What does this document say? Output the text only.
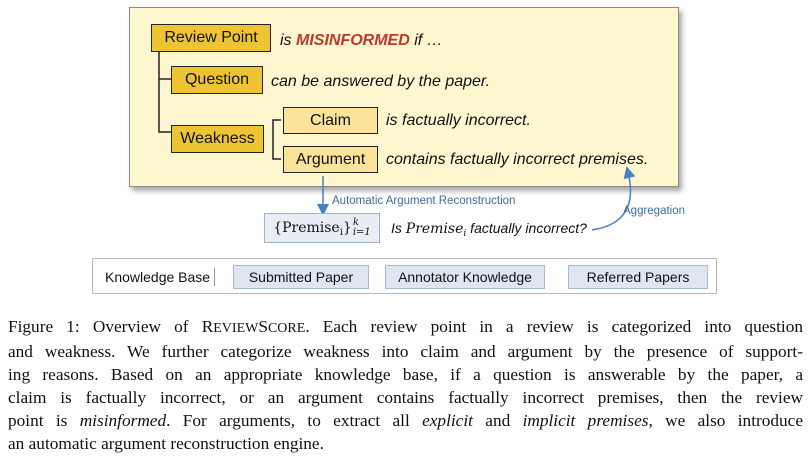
Review Point is MISINFORMED if …
Question can be answered by the paper.
Weakness
Claim is factually incorrect.
Argument contains factually incorrect premises.
Automatic Argument Reconstruction
Aggregation
{Premise i } k
i=1 Is Premise$_i$ factually incorrect?
Knowledge Base	Submitted Paper	Annotator Knowledge	Referred Papers
Figure 1: Overview of REVIEWSCORE. Each review point in a review is categorized into question
and weakness. We further categorize weakness into claim and argument by the presence of support-
ing reasons. Based on an appropriate knowledge base, if a question is answerable by the paper, a
claim is factually incorrect, or an argument contains factually incorrect premises, then the review
point is misinformed. For arguments, to extract all explicit and implicit premises, we also introduce
an automatic argument reconstruction engine.
